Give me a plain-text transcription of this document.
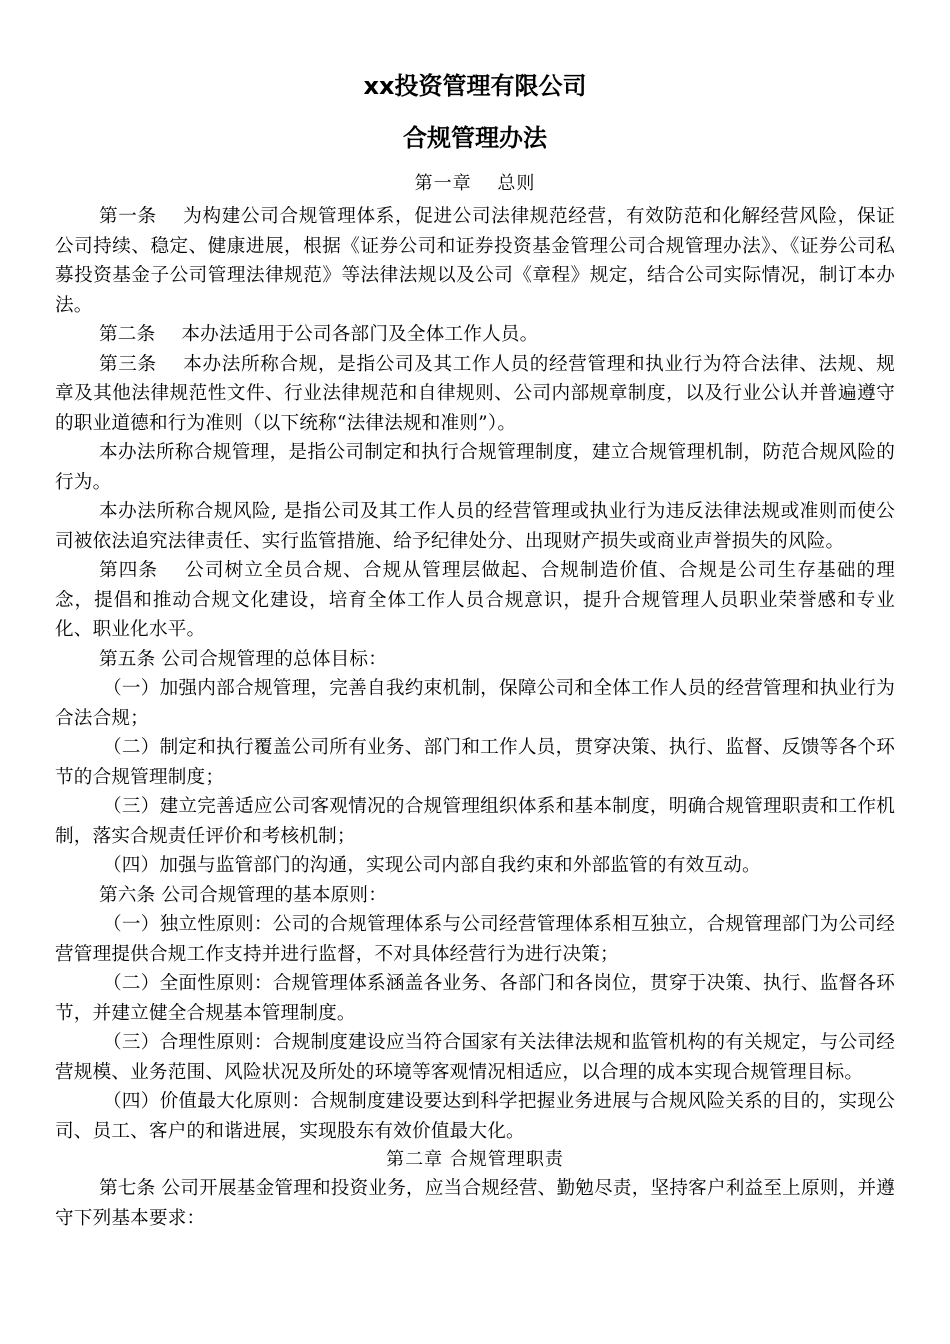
xx投资管理有限公司
合规管理办法
第一章　 总则

第一条 为构建公司合规管理体系，促进公司法律规范经营，有效防范和化解经营风险，保证公司持续、稳定、健康进展，根据《证券公司和证券投资基金管理公司合规管理办法》、《证券公司私募投资基金子公司管理法律规范》等法律法规以及公司《章程》规定，结合公司实际情况，制订本办法。

第二条 本办法适用于公司各部门及全体工作人员。

第三条 本办法所称合规，是指公司及其工作人员的经营管理和执业行为符合法律、法规、规章及其他法律规范性文件、行业法律规范和自律规则、公司内部规章制度，以及行业公认并普遍遵守的职业道德和行为准则（以下统称“法律法规和准则”）。

本办法所称合规管理，是指公司制定和执行合规管理制度，建立合规管理机制，防范合规风险的行为。

本办法所称合规风险, 是指公司及其工作人员的经营管理或执业行为违反法律法规或准则而使公司被依法追究法律责任、实行监管措施、给予纪律处分、出现财产损失或商业声誉损失的风险。

第四条 公司树立全员合规、合规从管理层做起、合规制造价值、合规是公司生存基础的理念，提倡和推动合规文化建设，培育全体工作人员合规意识，提升合规管理人员职业荣誉感和专业化、职业化水平。

第五条 公司合规管理的总体目标：

（一）加强内部合规管理，完善自我约束机制，保障公司和全体工作人员的经营管理和执业行为合法合规；

（二）制定和执行覆盖公司所有业务、部门和工作人员，贯穿决策、执行、监督、反馈等各个环节的合规管理制度；

（三）建立完善适应公司客观情况的合规管理组织体系和基本制度，明确合规管理职责和工作机制，落实合规责任评价和考核机制；

（四）加强与监管部门的沟通，实现公司内部自我约束和外部监管的有效互动。

第六条 公司合规管理的基本原则：

（一）独立性原则：公司的合规管理体系与公司经营管理体系相互独立，合规管理部门为公司经营管理提供合规工作支持并进行监督，不对具体经营行为进行决策；

（二）全面性原则：合规管理体系涵盖各业务、各部门和各岗位，贯穿于决策、执行、监督各环节，并建立健全合规基本管理制度。

（三）合理性原则：合规制度建设应当符合国家有关法律法规和监管机构的有关规定，与公司经营规模、业务范围、风险状况及所处的环境等客观情况相适应，以合理的成本实现合规管理目标。

（四）价值最大化原则：合规制度建设要达到科学把握业务进展与合规风险关系的目的，实现公司、员工、客户的和谐进展，实现股东有效价值最大化。

第二章 合规管理职责

第七条 公司开展基金管理和投资业务，应当合规经营、勤勉尽责，坚持客户利益至上原则，并遵守下列基本要求：
